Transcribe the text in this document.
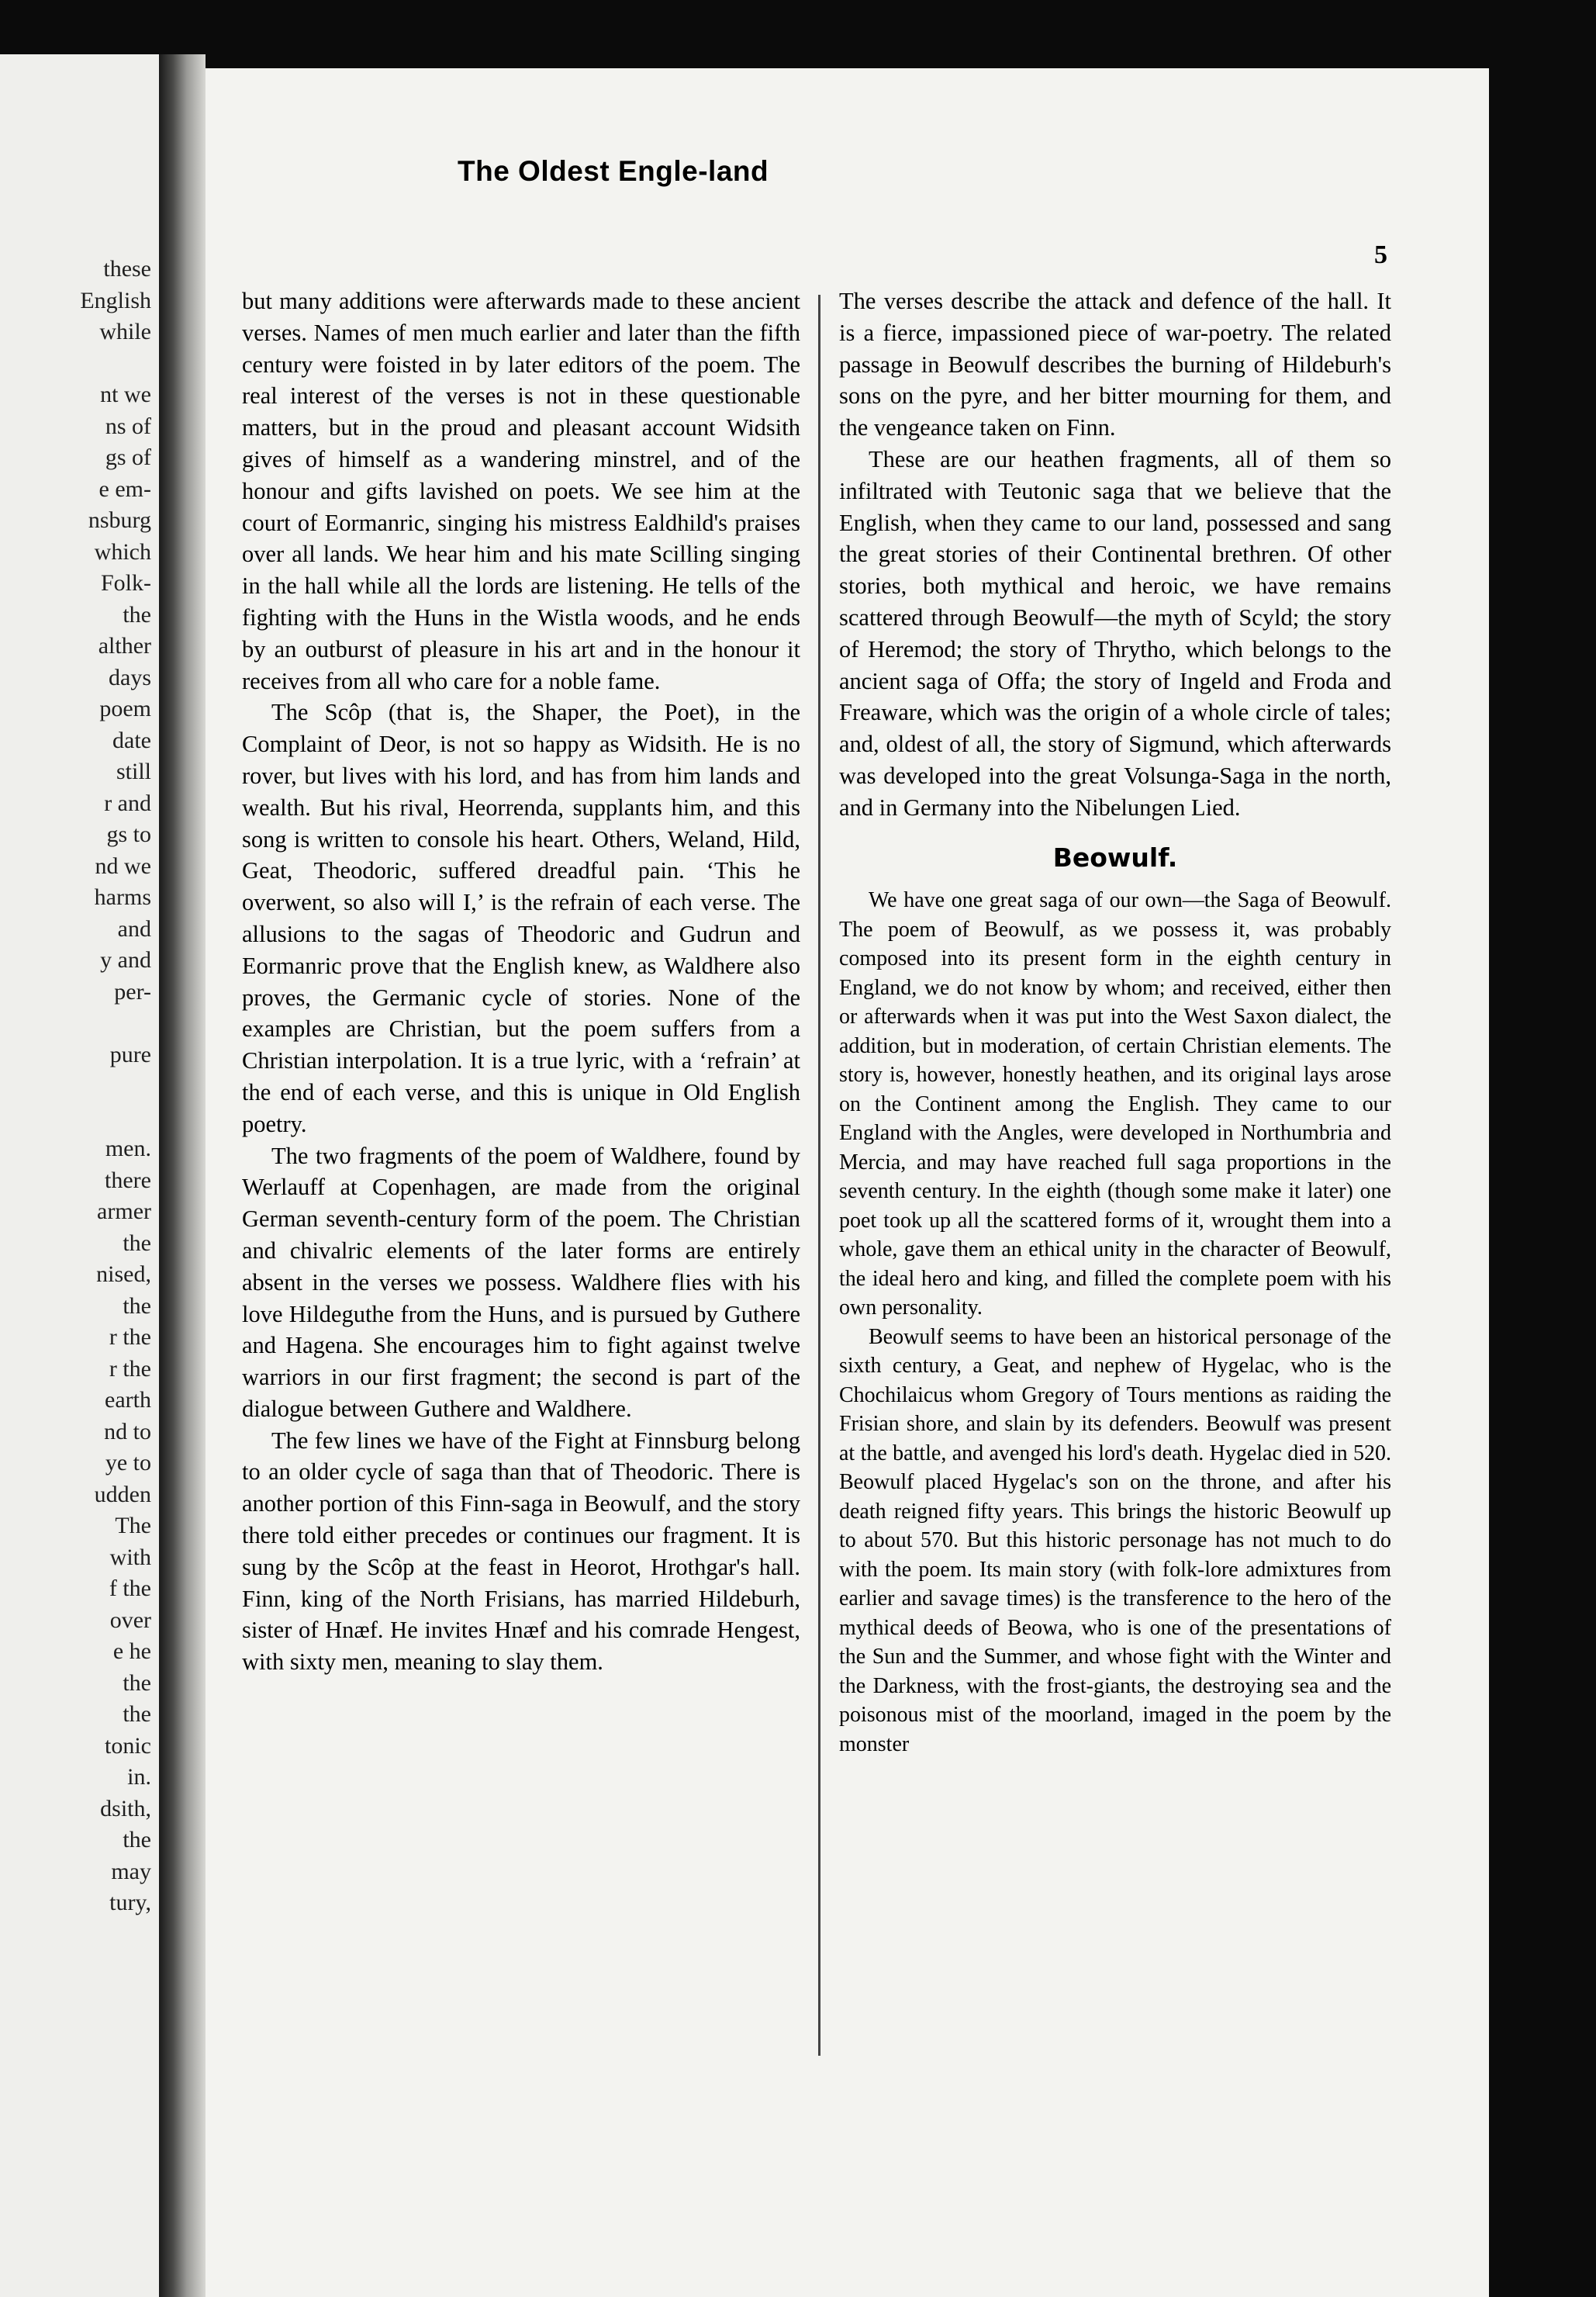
these
English
while
nt we
ns of
gs of
e em-
nsburg
which
Folk-
the
alther
days
poem
date
still
r and
gs to
nd we
harms
and
y and
per-
pure
men.
there
armer
the
nised,
the
r the
r the
earth
nd to
ye to
udden
The
with
f the
over
e he
the
the
tonic
in.
dsith,
the
may
tury,
The Oldest Engle-land
5

but many additions were afterwards made to these ancient verses. Names of men much earlier and later than the fifth century were foisted in by later editors of the poem. The real interest of the verses is not in these questionable matters, but in the proud and pleasant account Widsith gives of himself as a wandering minstrel, and of the honour and gifts lavished on poets. We see him at the court of Eormanric, singing his mistress Ealdhild's praises over all lands. We hear him and his mate Scilling singing in the hall while all the lords are listening. He tells of the fighting with the Huns in the Wistla woods, and he ends by an outburst of pleasure in his art and in the honour it receives from all who care for a noble fame.

The Scôp (that is, the Shaper, the Poet), in the Complaint of Deor, is not so happy as Widsith. He is no rover, but lives with his lord, and has from him lands and wealth. But his rival, Heorrenda, supplants him, and this song is written to console his heart. Others, Weland, Hild, Geat, Theodoric, suffered dreadful pain. ‘This he overwent, so also will I,’ is the refrain of each verse. The allusions to the sagas of Theodoric and Gudrun and Eormanric prove that the English knew, as Waldhere also proves, the Germanic cycle of stories. None of the examples are Christian, but the poem suffers from a Christian interpolation. It is a true lyric, with a ‘refrain’ at the end of each verse, and this is unique in Old English poetry.

The two fragments of the poem of Waldhere, found by Werlauff at Copenhagen, are made from the original German seventh-century form of the poem. The Christian and chivalric elements of the later forms are entirely absent in the verses we possess. Waldhere flies with his love Hildeguthe from the Huns, and is pursued by Guthere and Hagena. She encourages him to fight against twelve warriors in our first fragment; the second is part of the dialogue between Guthere and Waldhere.

The few lines we have of the Fight at Finnsburg belong to an older cycle of saga than that of Theodoric. There is another portion of this Finn-saga in Beowulf, and the story there told either precedes or continues our fragment. It is sung by the Scôp at the feast in Heorot, Hrothgar's hall. Finn, king of the North Frisians, has married Hildeburh, sister of Hnæf. He invites Hnæf and his comrade Hengest, with sixty men, meaning to slay them.

The verses describe the attack and defence of the hall. It is a fierce, impassioned piece of war-poetry. The related passage in Beowulf describes the burning of Hildeburh's sons on the pyre, and her bitter mourning for them, and the vengeance taken on Finn.

These are our heathen fragments, all of them so infiltrated with Teutonic saga that we believe that the English, when they came to our land, possessed and sang the great stories of their Continental brethren. Of other stories, both mythical and heroic, we have remains scattered through Beowulf—the myth of Scyld; the story of Heremod; the story of Thrytho, which belongs to the ancient saga of Offa; the story of Ingeld and Froda and Freaware, which was the origin of a whole circle of tales; and, oldest of all, the story of Sigmund, which afterwards was developed into the great Volsunga-Saga in the north, and in Germany into the Nibelungen Lied.

Beowulf.

We have one great saga of our own—the Saga of Beowulf. The poem of Beowulf, as we possess it, was probably composed into its present form in the eighth century in England, we do not know by whom; and received, either then or afterwards when it was put into the West Saxon dialect, the addition, but in moderation, of certain Christian elements. The story is, however, honestly heathen, and its original lays arose on the Continent among the English. They came to our England with the Angles, were developed in Northumbria and Mercia, and may have reached full saga proportions in the seventh century. In the eighth (though some make it later) one poet took up all the scattered forms of it, wrought them into a whole, gave them an ethical unity in the character of Beowulf, the ideal hero and king, and filled the complete poem with his own personality.

Beowulf seems to have been an historical personage of the sixth century, a Geat, and nephew of Hygelac, who is the Chochilaicus whom Gregory of Tours mentions as raiding the Frisian shore, and slain by its defenders. Beowulf was present at the battle, and avenged his lord's death. Hygelac died in 520. Beowulf placed Hygelac's son on the throne, and after his death reigned fifty years. This brings the historic Beowulf up to about 570. But this historic personage has not much to do with the poem. Its main story (with folk-lore admixtures from earlier and savage times) is the transference to the hero of the mythical deeds of Beowa, who is one of the presentations of the Sun and the Summer, and whose fight with the Winter and the Darkness, with the frost-giants, the destroying sea and the poisonous mist of the moorland, imaged in the poem by the monster
